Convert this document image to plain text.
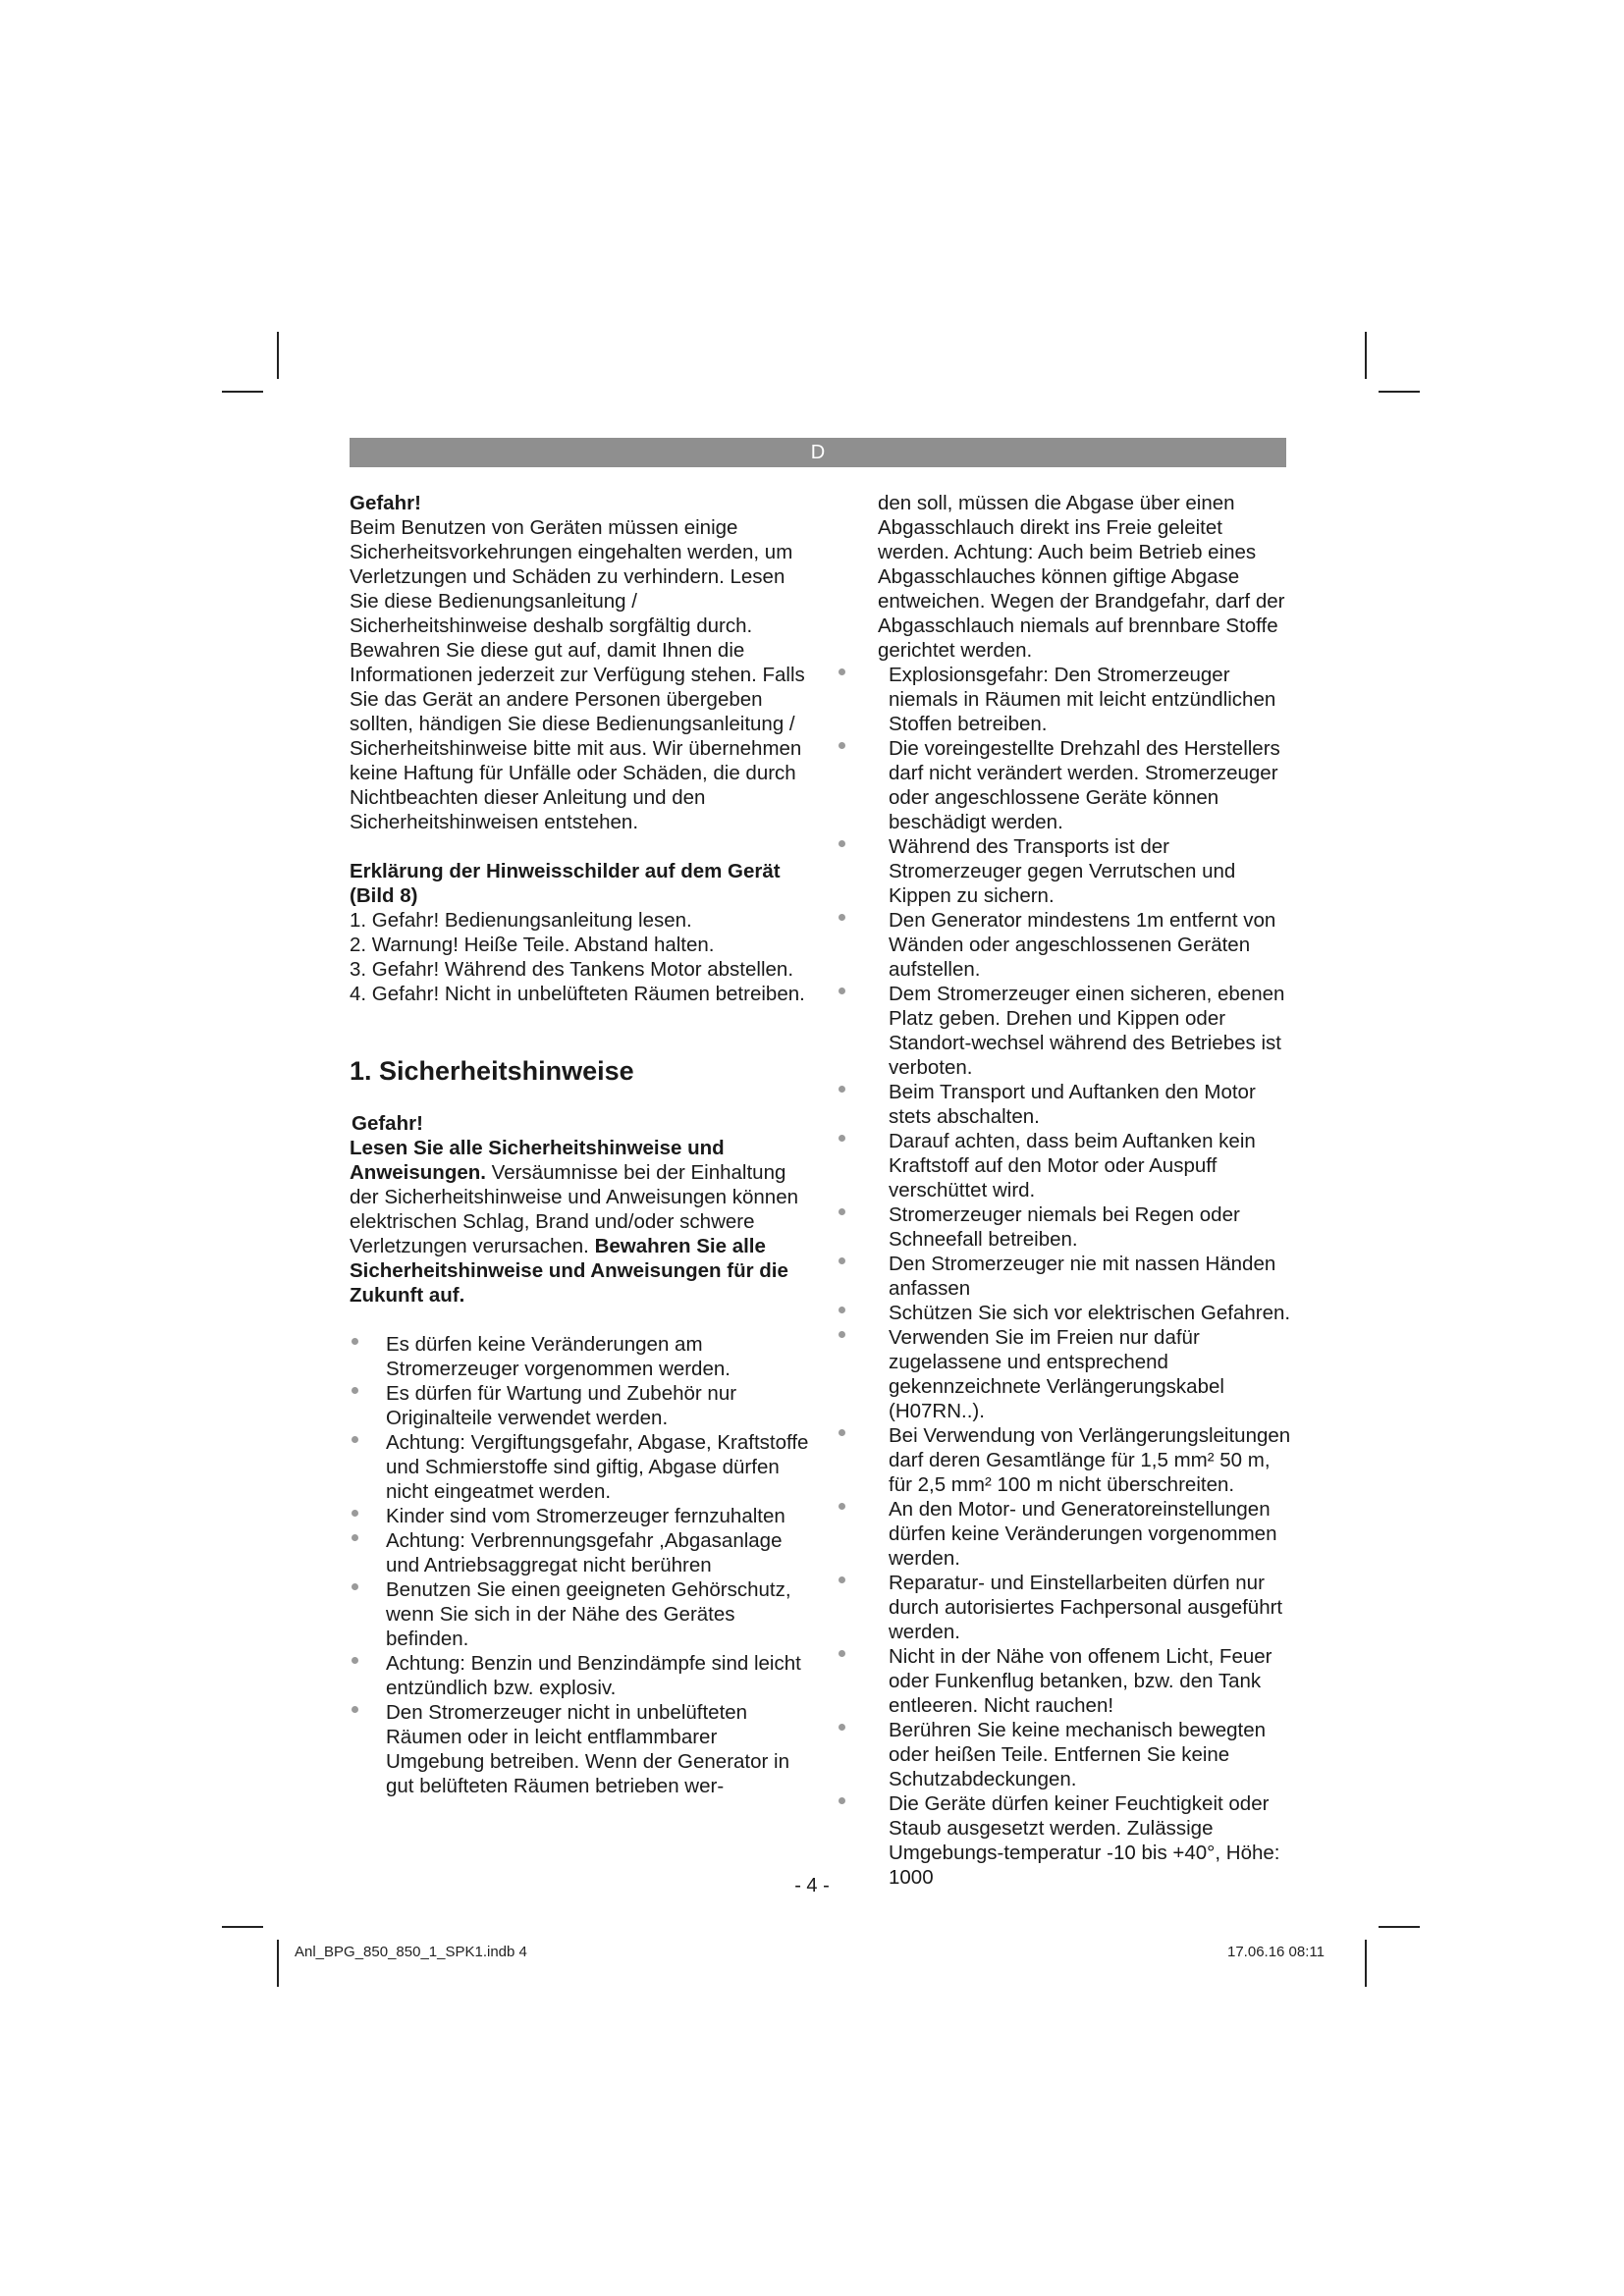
D

Gefahr!

Beim Benutzen von Geräten müssen einige Sicherheitsvorkehrungen eingehalten werden, um Verletzungen und Schäden zu verhindern. Lesen Sie diese Bedienungsanleitung / Sicherheitshinweise deshalb sorgfältig durch. Bewahren Sie diese gut auf, damit Ihnen die Informationen jederzeit zur Verfügung stehen. Falls Sie das Gerät an andere Personen übergeben sollten, händigen Sie diese Bedienungsanleitung / Sicherheitshinweise bitte mit aus. Wir übernehmen keine Haftung für Unfälle oder Schäden, die durch Nichtbeachten dieser Anleitung und den Sicherheitshinweisen entstehen.

Erklärung der Hinweisschilder auf dem Gerät (Bild 8)

1. Gefahr! Bedienungsanleitung lesen.
2. Warnung! Heiße Teile. Abstand halten.
3. Gefahr! Während des Tankens Motor abstellen.
4. Gefahr! Nicht in unbelüfteten Räumen betreiben.

1. Sicherheitshinweise

Gefahr!

Lesen Sie alle Sicherheitshinweise und Anweisungen. Versäumnisse bei der Einhaltung der Sicherheitshinweise und Anweisungen können elektrischen Schlag, Brand und/oder schwere Verletzungen verursachen. Bewahren Sie alle Sicherheitshinweise und Anweisungen für die Zukunft auf.

Es dürfen keine Veränderungen am Stromerzeuger vorgenommen werden.
Es dürfen für Wartung und Zubehör nur Originalteile verwendet werden.
Achtung: Vergiftungsgefahr, Abgase, Kraftstoffe und Schmierstoffe sind giftig, Abgase dürfen nicht eingeatmet werden.
Kinder sind vom Stromerzeuger fernzuhalten
Achtung: Verbrennungsgefahr ,Abgasanlage und Antriebsaggregat nicht berühren
Benutzen Sie einen geeigneten Gehörschutz, wenn Sie sich in der Nähe des Gerätes befinden.
Achtung: Benzin und Benzindämpfe sind leicht entzündlich bzw. explosiv.
Den Stromerzeuger nicht in unbelüfteten Räumen oder in leicht entflammbarer Umgebung betreiben. Wenn der Generator in gut belüfteten Räumen betrieben wer-

den soll, müssen die Abgase über einen Abgasschlauch direkt ins Freie geleitet werden. Achtung: Auch beim Betrieb eines Abgasschlauches können giftige Abgase entweichen. Wegen der Brandgefahr, darf der Abgasschlauch niemals auf brennbare Stoffe gerichtet werden.

Explosionsgefahr: Den Stromerzeuger niemals in Räumen mit leicht entzündlichen Stoffen betreiben.
Die voreingestellte Drehzahl des Herstellers darf nicht verändert werden. Stromerzeuger oder angeschlossene Geräte können beschädigt werden.
Während des Transports ist der Stromerzeuger gegen Verrutschen und Kippen zu sichern.
Den Generator mindestens 1m entfernt von Wänden oder angeschlossenen Geräten aufstellen.
Dem Stromerzeuger einen sicheren, ebenen Platz geben. Drehen und Kippen oder Standort-wechsel während des Betriebes ist verboten.
Beim Transport und Auftanken den Motor stets abschalten.
Darauf achten, dass beim Auftanken kein Kraftstoff auf den Motor oder Auspuff verschüttet wird.
Stromerzeuger niemals bei Regen oder Schneefall betreiben.
Den Stromerzeuger nie mit nassen Händen anfassen
Schützen Sie sich vor elektrischen Gefahren.
Verwenden Sie im Freien nur dafür zugelassene und entsprechend gekennzeichnete Verlängerungskabel (H07RN..).
Bei Verwendung von Verlängerungsleitungen darf deren Gesamtlänge für 1,5 mm² 50 m, für 2,5 mm² 100 m nicht überschreiten.
An den Motor- und Generatoreinstellungen dürfen keine Veränderungen vorgenommen werden.
Reparatur- und Einstellarbeiten dürfen nur durch autorisiertes Fachpersonal ausgeführt werden.
Nicht in der Nähe von offenem Licht, Feuer oder Funkenflug betanken, bzw. den Tank entleeren. Nicht rauchen!
Berühren Sie keine mechanisch bewegten oder heißen Teile. Entfernen Sie keine Schutzabdeckungen.
Die Geräte dürfen keiner Feuchtigkeit oder Staub ausgesetzt werden. Zulässige Umgebungs-temperatur -10 bis +40°, Höhe: 1000
- 4 -
Anl_BPG_850_850_1_SPK1.indb 4	17.06.16 08:11
